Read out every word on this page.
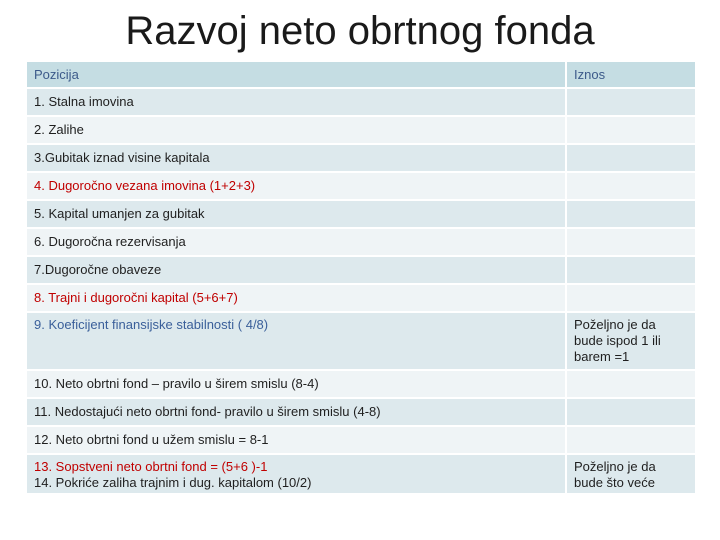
Razvoj neto obrtnog fonda
Pozicija	Iznos
1. Stalna imovina	
2. Zalihe	
3.Gubitak iznad visine kapitala	
4. Dugoročno vezana imovina (1+2+3)	
5. Kapital umanjen za gubitak	
6. Dugoročna rezervisanja	
7.Dugoročne obaveze	
8. Trajni i dugoročni kapital (5+6+7)	
9. Koeficijent finansijske stabilnosti ( 4/8)	Poželjno je da bude ispod 1 ili barem =1
10. Neto obrtni fond – pravilo u širem smislu (8-4)	
11. Nedostajući neto obrtni fond- pravilo u širem smislu (4-8)	
12. Neto obrtni fond u užem smislu = 8-1	

13. Sopstveni neto obrtni fond = (5+6 )-1
14. Pokriće zaliha trajnim i dug. kapitalom (10/2)	Poželjno je da bude što veće
